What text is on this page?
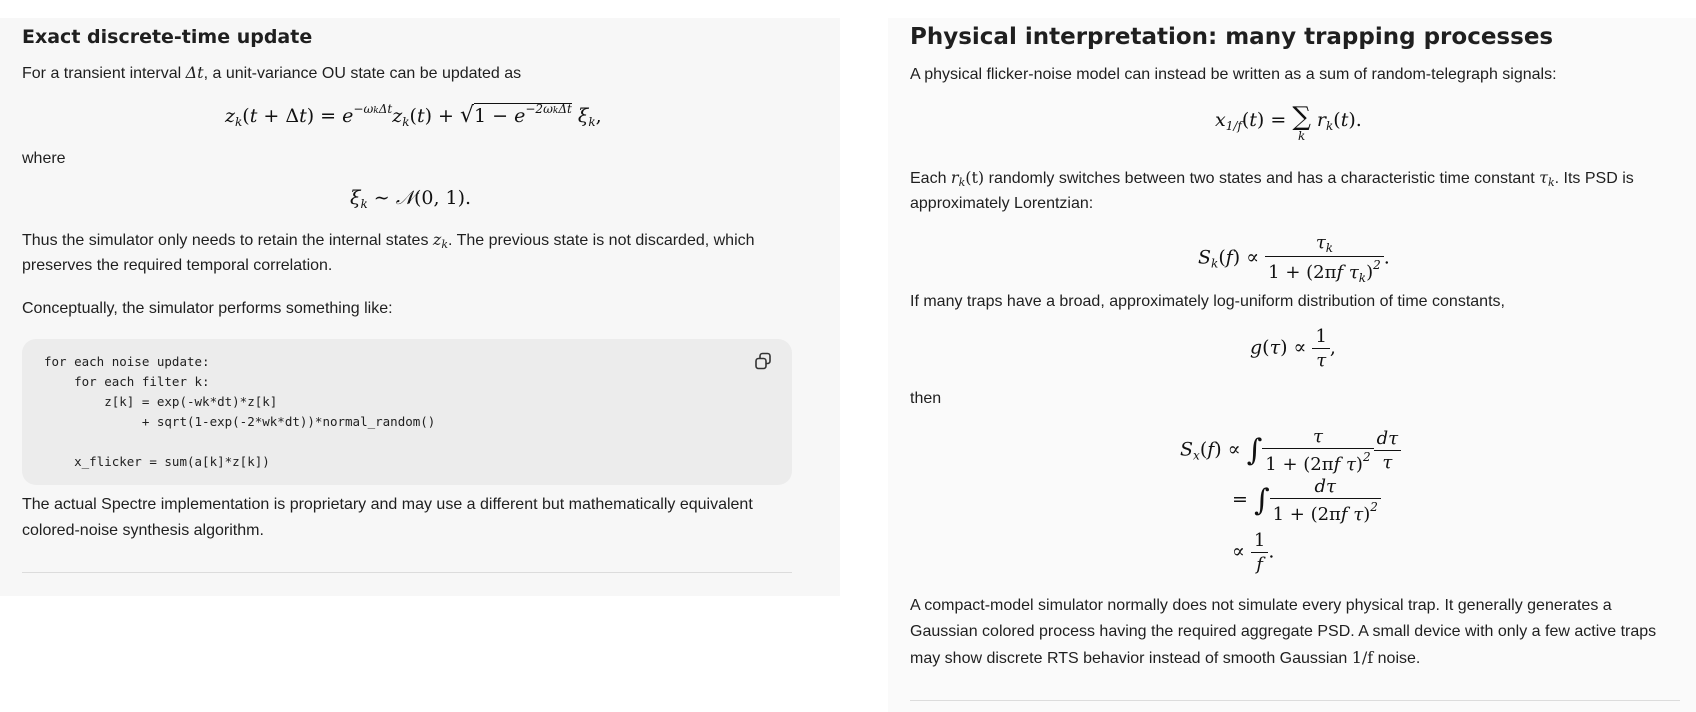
Exact discrete-time update

For a transient interval Δt, a unit-variance OU state can be updated as

$z_k(t + \Delta t) = e^{-\omega k\Delta t}z_k(t) + √1 - e^{-2\omega k\Delta t}$ $\xi_k$,

where

$\xi_k$ ∼ 𝒩(0, 1).

Thus the simulator only needs to retain the internal states zk. The previous state is not discarded, which

preserves the required temporal correlation.

Conceptually, the simulator performs something like:

for each noise update:
for each filter k:
z[k] = exp(-wk*dt)*z[k]
+ sqrt(1-exp(-2*wk*dt))*normal_random()
x_flicker = sum(a[k]*z[k])

The actual Spectre implementation is proprietary and may use a different but mathematically equivalent

colored-noise synthesis algorithm.

Physical interpretation: many trapping processes

A physical flicker-noise model can instead be written as a sum of random-telegraph signals:

$x_{1/f}(t)$ = ∑
k
$r_k(t)$.

Each rk(t) randomly switches between two states and has a characteristic time constant τk. Its PSD is

approximately Lorentzian:

$S_k(f) \propto \frac{\tau_k}{1 + (2\pi f \tau_k)^2}$ .

If many traps have a broad, approximately log-uniform distribution of time constants,

$g(\tau) \propto \frac{1}{\tau}$ ,

then

$S_x(f)$ ∝ ∫ $\frac{\tau}{1 + (2\pi f \tau)^2} \frac{d\tau}{\tau}$
= ∫ $\frac{d\tau}{1 + (2\pi f \tau)^2}$
∝ $\frac{1}{f}$ .

A compact-model simulator normally does not simulate every physical trap. It generally generates a

Gaussian colored process having the required aggregate PSD. A small device with only a few active traps

may show discrete RTS behavior instead of smooth Gaussian 1/f noise.
